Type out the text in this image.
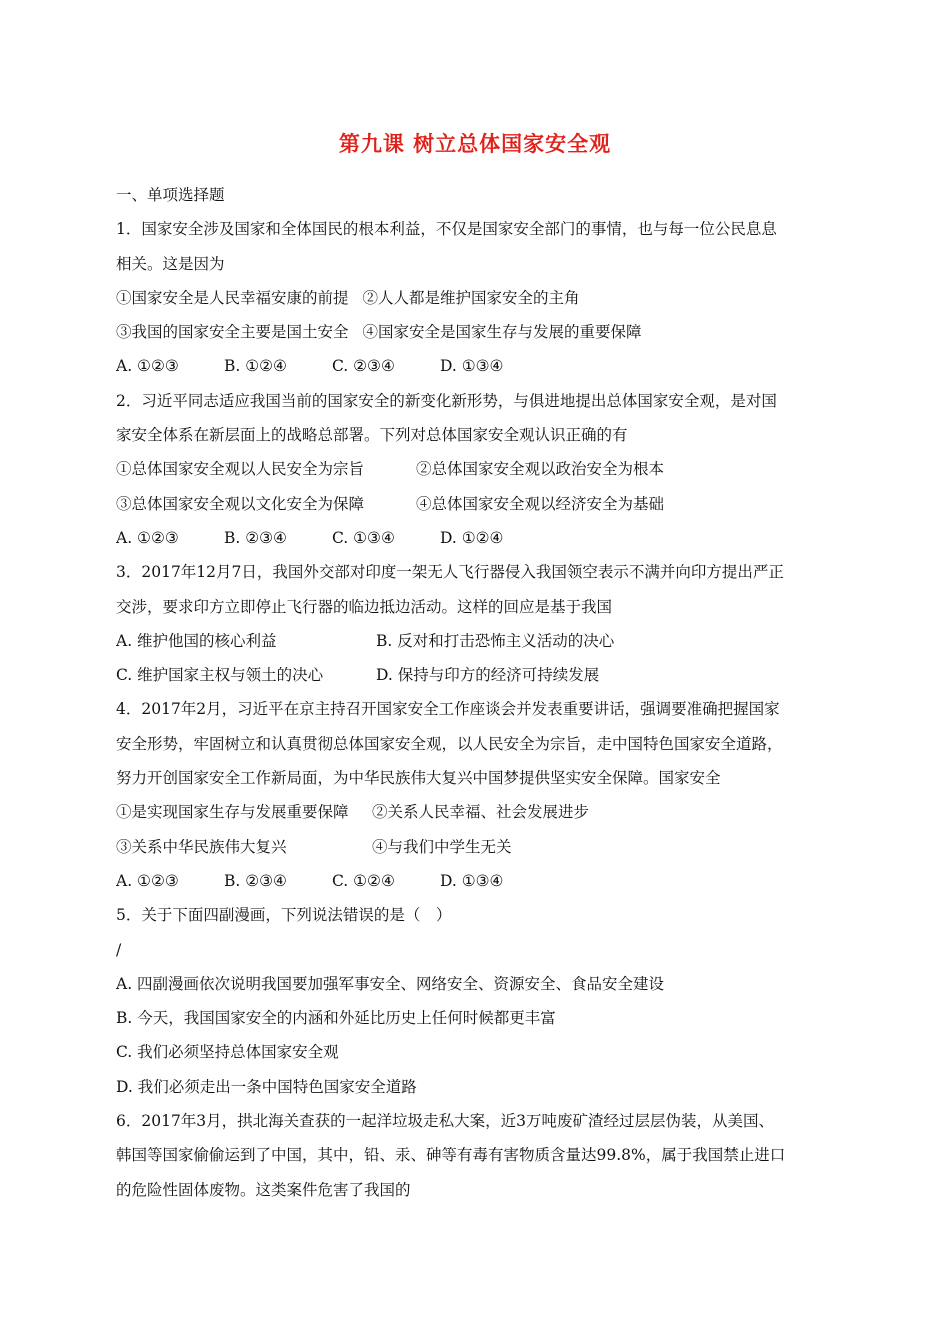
第九课 树立总体国家安全观
一、单项选择题
1．国家安全涉及国家和全体国民的根本利益，不仅是国家安全部门的事情，也与每一位公民息息
相关。这是因为
①国家安全是人民幸福安康的前提 ②人人都是维护国家安全的主角
③我国的国家安全主要是国土安全 ④国家安全是国家生存与发展的重要保障
A. ①②③	B. ①②④	C. ②③④	D. ①③④
2．习近平同志适应我国当前的国家安全的新变化新形势，与俱进地提出总体国家安全观，是对国
家安全体系在新层面上的战略总部署。下列对总体国家安全观认识正确的有
①总体国家安全观以人民安全为宗旨	②总体国家安全观以政治安全为根本
③总体国家安全观以文化安全为保障	④总体国家安全观以经济安全为基础
A. ①②③	B. ②③④	C. ①③④	D. ①②④
3．2017年12月7日，我国外交部对印度一架无人飞行器侵入我国领空表示不满并向印方提出严正
交涉，要求印方立即停止飞行器的临边抵边活动。这样的回应是基于我国
A. 维护他国的核心利益	B. 反对和打击恐怖主义活动的决心
C. 维护国家主权与领土的决心	D. 保持与印方的经济可持续发展
4．2017年2月，习近平在京主持召开国家安全工作座谈会并发表重要讲话，强调要准确把握国家
安全形势，牢固树立和认真贯彻总体国家安全观，以人民安全为宗旨，走中国特色国家安全道路，
努力开创国家安全工作新局面，为中华民族伟大复兴中国梦提供坚实安全保障。国家安全
①是实现国家生存与发展重要保障 ②关系人民幸福、社会发展进步
③关系中华民族伟大复兴	④与我们中学生无关
A. ①②③	B. ②③④	C. ①②④	D. ①③④
5．关于下面四副漫画，下列说法错误的是（　）
/
A. 四副漫画依次说明我国要加强军事安全、网络安全、资源安全、食品安全建设
B. 今天，我国国家安全的内涵和外延比历史上任何时候都更丰富
C. 我们必须坚持总体国家安全观
D. 我们必须走出一条中国特色国家安全道路
6．2017年3月，拱北海关查获的一起洋垃圾走私大案，近3万吨废矿渣经过层层伪装，从美国、
韩国等国家偷偷运到了中国，其中，铅、汞、砷等有毒有害物质含量达99.8%，属于我国禁止进口
的危险性固体废物。这类案件危害了我国的
